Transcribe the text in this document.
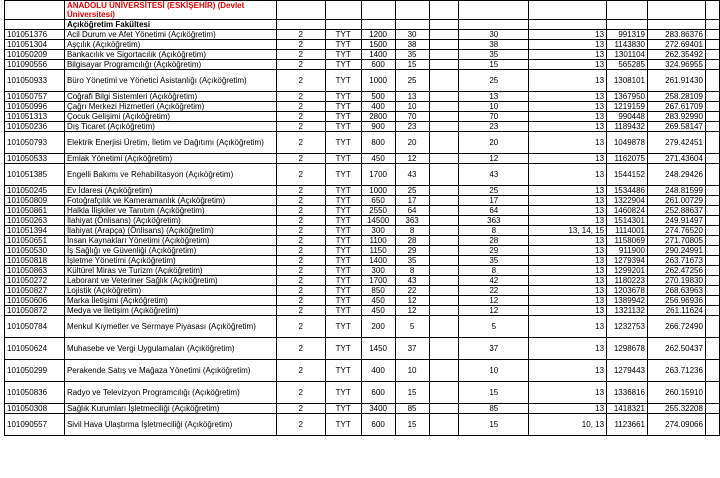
	ANADOLU ÜNİVERSİTESİ (ESKİŞEHİR) (Devlet Üniversitesi)										
	Açıköğretim Fakültesi										
101051376	Acil Durum ve Afet Yönetimi (Açıköğretim)	2	TYT	1200	30		30	13	991319	283.86376	
101051304	Aşçılık (Açıköğretim)	2	TYT	1500	38		38	13	1143830	272.69401	
101050209	Bankacılık ve Sigortacılık (Açıköğretim)	2	TYT	1400	35		35	13	1301104	262.35492	
101090556	Bilgisayar Programcılığı (Açıköğretim)	2	TYT	600	15		15	13	565285	324.96955	
101050933	Büro Yönetimi ve Yönetici Asistanlığı (Açıköğretim)	2	TYT	1000	25		25	13	1308101	261.91430	
101050757	Coğrafi Bilgi Sistemleri (Açıköğretim)	2	TYT	500	13		13	13	1367950	258.28109	
101050996	Çağrı Merkezi Hizmetleri (Açıköğretim)	2	TYT	400	10		10	13	1219159	267.61709	
101051313	Çocuk Gelişimi (Açıköğretim)	2	TYT	2800	70		70	13	990448	283.92990	
101050236	Dış Ticaret (Açıköğretim)	2	TYT	900	23		23	13	1189432	269.58147	
101050793	Elektrik Enerjisi Üretim, İletim ve Dağıtımı (Açıköğretim)	2	TYT	800	20		20	13	1049878	279.42451	
101050533	Emlak Yönetimi (Açıköğretim)	2	TYT	450	12		12	13	1162075	271.43604	
101051385	Engelli Bakımı ve Rehabilitasyon (Açıköğretim)	2	TYT	1700	43		43	13	1544152	248.29426	
101050245	Ev İdaresi (Açıköğretim)	2	TYT	1000	25		25	13	1534486	248.81599	
101050809	Fotoğrafçılık ve Kameramanlık (Açıköğretim)	2	TYT	650	17		17	13	1322904	261.00729	
101050861	Halkla İlişkiler ve Tanıtım (Açıköğretim)	2	TYT	2550	64		64	13	1460824	252.88637	
101050263	İlahiyat (Önlisans) (Açıköğretim)	2	TYT	14500	363		363	13	1514301	249.91497	
101051394	İlahiyat (Arapça) (Önlisans) (Açıköğretim)	2	TYT	300	8		8	13, 14, 15	1114001	274.76520	
101050651	İnsan Kaynakları Yönetimi (Açıköğretim)	2	TYT	1100	28		28	13	1158069	271.70805	
101050530	İş Sağlığı ve Güvenliği (Açıköğretim)	2	TYT	1150	29		29	13	911900	290.24991	
101050818	İşletme Yönetimi (Açıköğretim)	2	TYT	1400	35		35	13	1279394	263.71673	
101050863	Kültürel Miras ve Turizm (Açıköğretim)	2	TYT	300	8		8	13	1299201	262.47256	
101050272	Laborant ve Veteriner Sağlık (Açıköğretim)	2	TYT	1700	43		42	13	1180223	270.19830	
101050827	Lojistik (Açıköğretim)	2	TYT	850	22		22	13	1203678	268.63963	
101050606	Marka İletişimi (Açıköğretim)	2	TYT	450	12		12	13	1389942	256.96936	
101050872	Medya ve İletişim (Açıköğretim)	2	TYT	450	12		12	13	1321132	261.11624	
101050784	Menkul Kıymetler ve Sermaye Piyasası (Açıköğretim)	2	TYT	200	5		5	13	1232753	266.72490	
101050624	Muhasebe ve Vergi Uygulamaları (Açıköğretim)	2	TYT	1450	37		37	13	1298678	262.50437	
101050299	Perakende Satış ve Mağaza Yönetimi (Açıköğretim)	2	TYT	400	10		10	13	1279443	263.71236	
101050836	Radyo ve Televizyon Programcılığı (Açıköğretim)	2	TYT	600	15		15	13	1336816	260.15910	
101050308	Sağlık Kurumları İşletmeciliği (Açıköğretim)	2	TYT	3400	85		85	13	1418321	255.32208	
101090557	Sivil Hava Ulaştırma İşletmeciliği (Açıköğretim)	2	TYT	600	15		15	10, 13	1123661	274.09066	
